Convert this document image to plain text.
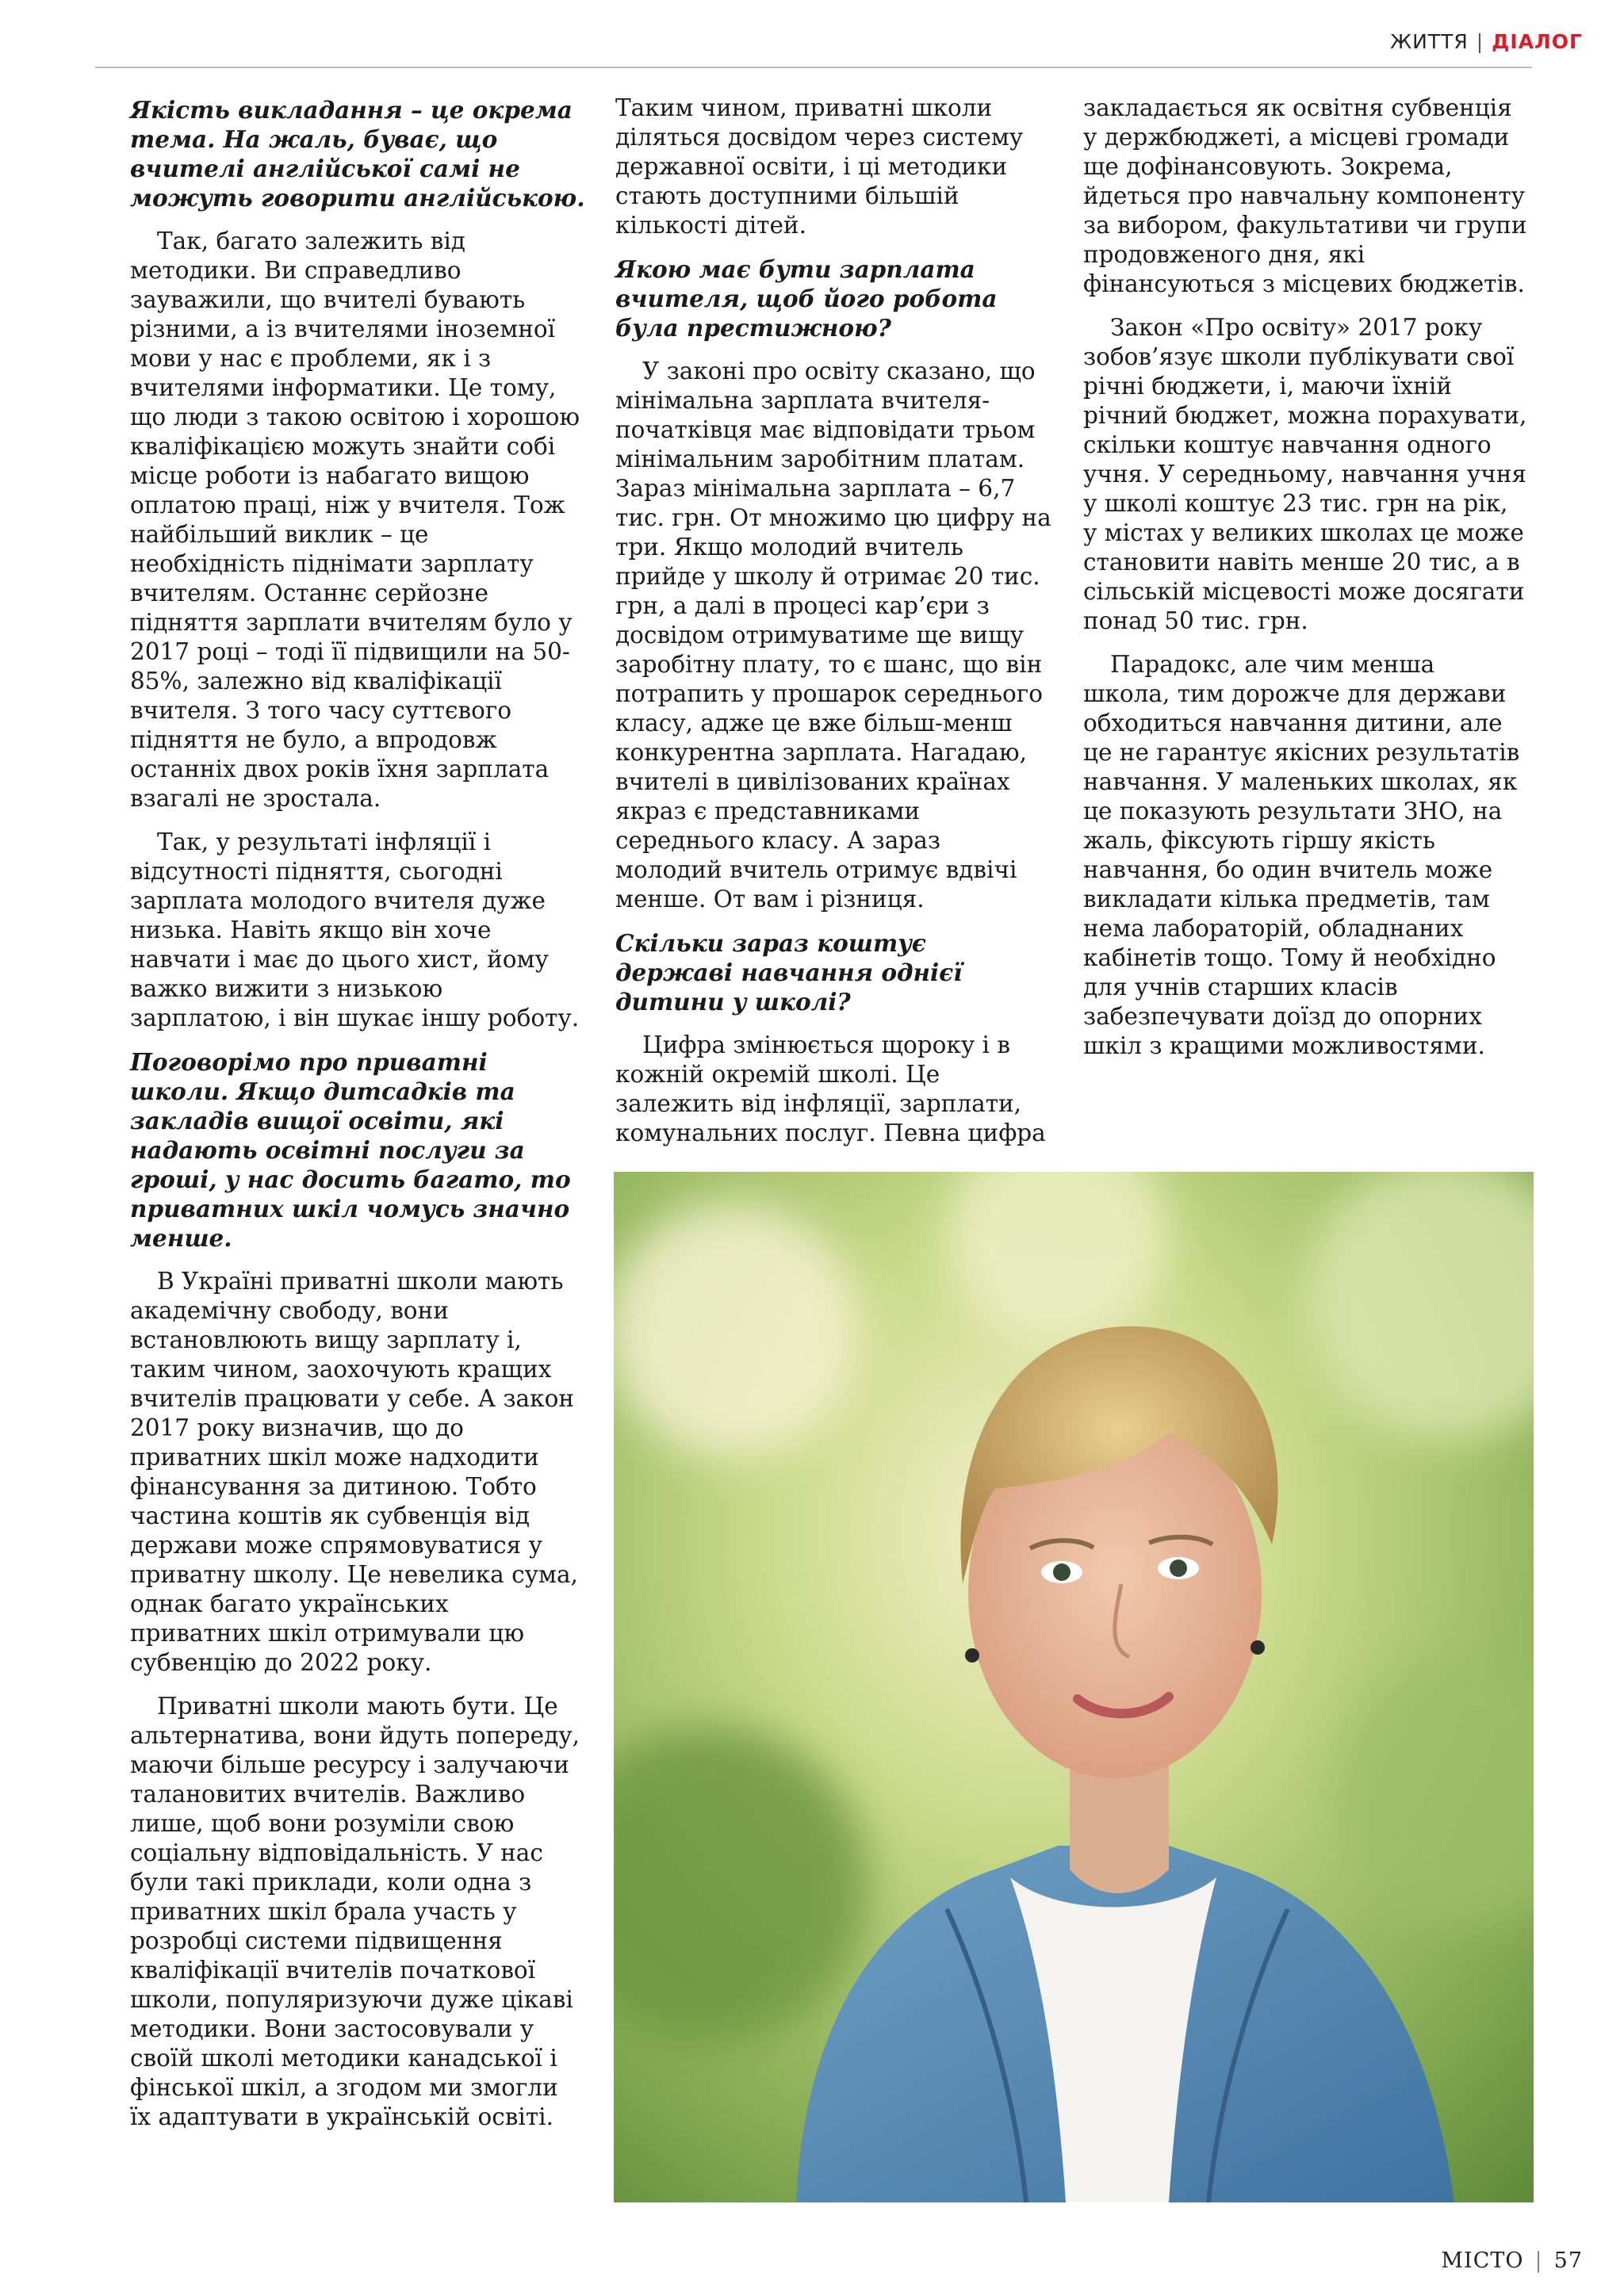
ЖИТТЯ | ДІАЛОГ

Якість викладання – це окрема тема. На жаль, буває, що вчителі англійської самі не можуть говорити англійською.

Так, багато залежить від методики. Ви справедливо зауважили, що вчителі бувають різними, а із вчителями іноземної мови у нас є проблеми, як і з вчителями інформатики. Це тому, що люди з такою освітою і хорошою кваліфікацією можуть знайти собі місце роботи із набагато вищою оплатою праці, ніж у вчителя. Тож найбільший виклик – це необхідність піднімати зарплату вчителям. Останнє серйозне підняття зарплати вчителям було у 2017 році – тоді її підвищили на 50-85%, залежно від кваліфікації вчителя. З того часу суттєвого підняття не було, а впродовж останніх двох років їхня зарплата взагалі не зростала.

Так, у результаті інфляції і відсутності підняття, сьогодні зарплата молодого вчителя дуже низька. Навіть якщо він хоче навчати і має до цього хист, йому важко вижити з низькою зарплатою, і він шукає іншу роботу.

Поговорімо про приватні школи. Якщо дитсадків та закладів вищої освіти, які надають освітні послуги за гроші, у нас досить багато, то приватних шкіл чомусь значно менше.

В Україні приватні школи мають академічну свободу, вони встановлюють вищу зарплату і, таким чином, заохочують кращих вчителів працювати у себе. А закон 2017 року визначив, що до приватних шкіл може надходити фінансування за дитиною. Тобто частина коштів як субвенція від держави може спрямовуватися у приватну школу. Це невелика сума, однак багато українських приватних шкіл отримували цю субвенцію до 2022 року.

Приватні школи мають бути. Це альтернатива, вони йдуть попереду, маючи більше ресурсу і залучаючи талановитих вчителів. Важливо лише, щоб вони розуміли свою соціальну відповідальність. У нас були такі приклади, коли одна з приватних шкіл брала участь у розробці системи підвищення кваліфікації вчителів початкової школи, популяризуючи дуже цікаві методики. Вони застосовували у своїй школі методики канадської і фінської шкіл, а згодом ми змогли їх адаптувати в українській освіті.

Таким чином, приватні школи діляться досвідом через систему державної освіти, і ці методики стають доступними більшій кількості дітей.

Якою має бути зарплата вчителя, щоб його робота була престижною?

У законі про освіту сказано, що мінімальна зарплата вчителя-початківця має відповідати трьом мінімальним заробітним платам. Зараз мінімальна зарплата – 6,7 тис. грн. От множимо цю цифру на три. Якщо молодий вчитель прийде у школу й отримає 20 тис. грн, а далі в процесі кар’єри з досвідом отримуватиме ще вищу заробітну плату, то є шанс, що він потрапить у прошарок середнього класу, адже це вже більш-менш конкурентна зарплата. Нагадаю, вчителі в цивілізованих країнах якраз є представниками середнього класу. А зараз молодий вчитель отримує вдвічі менше. От вам і різниця.

Скільки зараз коштує державі навчання однієї дитини у школі?

Цифра змінюється щороку і в кожній окремій школі. Це залежить від інфляції, зарплати, комунальних послуг. Певна цифра

закладається як освітня субвенція у держбюджеті, а місцеві громади ще дофінансовують. Зокрема, йдеться про навчальну компоненту за вибором, факультативи чи групи продовженого дня, які фінансуються з місцевих бюджетів.

Закон «Про освіту» 2017 року зобов’язує школи публікувати свої річні бюджети, і, маючи їхній річний бюджет, можна порахувати, скільки коштує навчання одного учня. У середньому, навчання учня у школі коштує 23 тис. грн на рік, у містах у великих школах це може становити навіть менше 20 тис, а в сільській місцевості може досягати понад 50 тис. грн.

Парадокс, але чим менша школа, тим дорожче для держави обходиться навчання дитини, але це не гарантує якісних результатів навчання. У маленьких школах, як це показують результати ЗНО, на жаль, фіксують гіршу якість навчання, бо один вчитель може викладати кілька предметів, там нема лабораторій, обладнаних кабінетів тощо. Тому й необхідно для учнів старших класів забезпечувати доїзд до опорних шкіл з кращими можливостями.

МІСТО | 57
